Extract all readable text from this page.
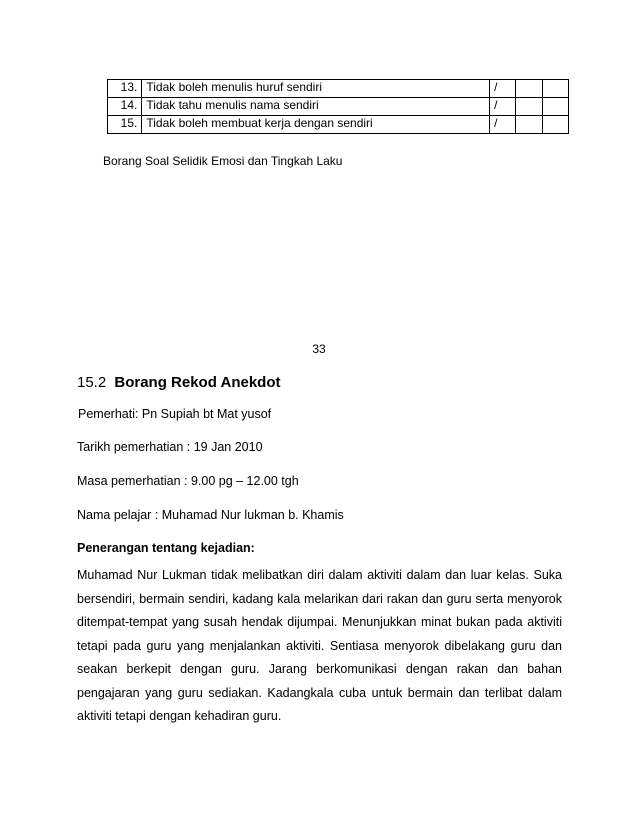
13.	Tidak boleh menulis huruf sendiri	/		
14.	Tidak tahu menulis nama sendiri	/		
15.	Tidak boleh membuat kerja dengan sendiri	/		
Borang Soal Selidik Emosi dan Tingkah Laku
33
15.2 Borang Rekod Anekdot
Pemerhati: Pn Supiah bt Mat yusof
Tarikh pemerhatian : 19 Jan 2010
Masa pemerhatian : 9.00 pg – 12.00 tgh
Nama pelajar : Muhamad Nur lukman b. Khamis
Penerangan tentang kejadian:
Muhamad Nur Lukman tidak melibatkan diri dalam aktiviti dalam dan luar kelas. Suka bersendiri, bermain sendiri, kadang kala melarikan dari rakan dan guru serta menyorok ditempat-tempat yang susah hendak dijumpai. Menunjukkan minat bukan pada aktiviti tetapi pada guru yang menjalankan aktiviti. Sentiasa menyorok dibelakang guru dan seakan berkepit dengan guru. Jarang berkomunikasi dengan rakan dan bahan pengajaran yang guru sediakan. Kadangkala cuba untuk bermain dan terlibat dalam aktiviti tetapi dengan kehadiran guru.
